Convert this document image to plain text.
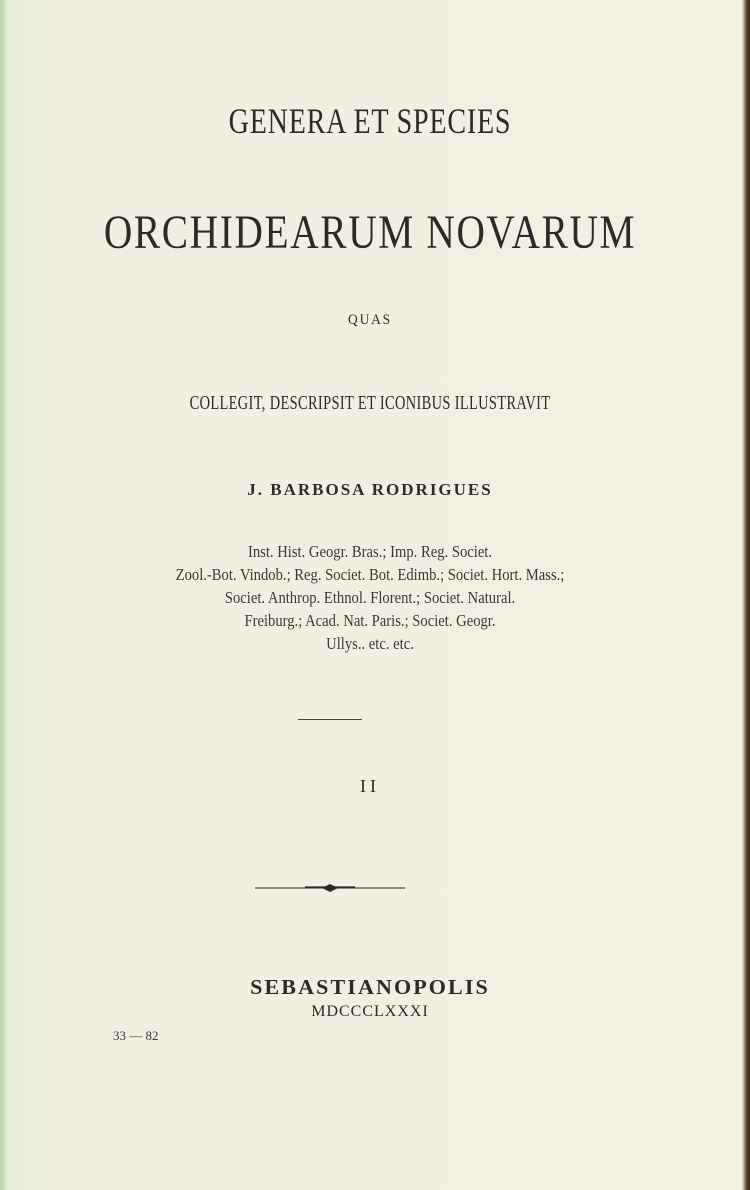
GENERA ET SPECIES
ORCHIDEARUM NOVARUM
QUAS
COLLEGIT, DESCRIPSIT ET ICONIBUS ILLUSTRAVIT
J. BARBOSA RODRIGUES
Inst. Hist. Geogr. Bras.; Imp. Reg. Societ.
Zool.-Bot. Vindob.; Reg. Societ. Bot. Edimb.; Societ. Hort. Mass.;
Societ. Anthrop. Ethnol. Florent.; Societ. Natural.
Freiburg.; Acad. Nat. Paris.; Societ. Geogr.
Ullys.. etc. etc.
II
SEBASTIANOPOLIS
MDCCCLXXXI
33 — 82
